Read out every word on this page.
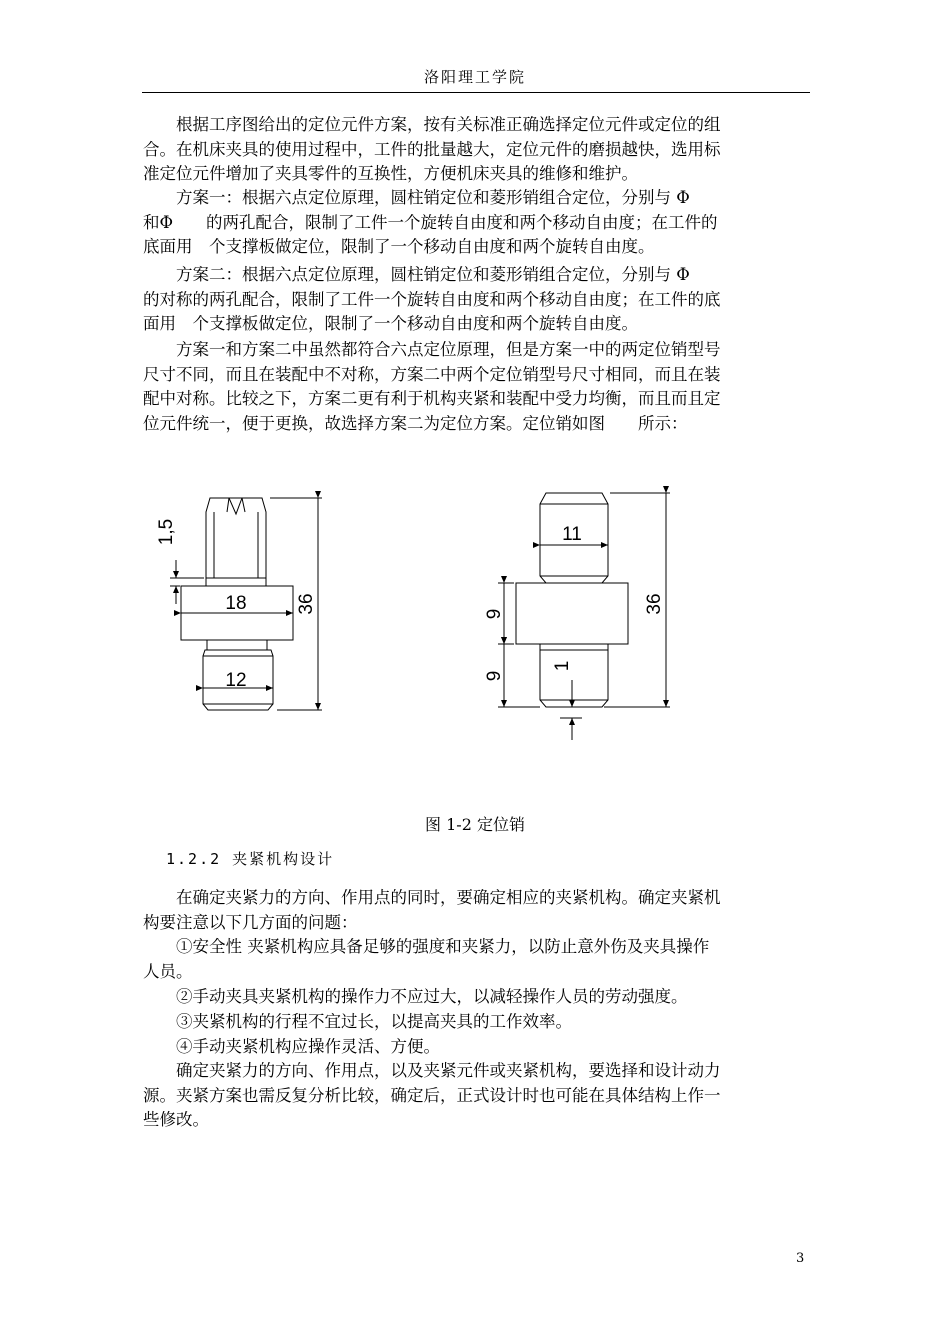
洛阳理工学院
　　根据工序图给出的定位元件方案，按有关标准正确选择定位元件或定位的组
合。在机床夹具的使用过程中，工件的批量越大，定位元件的磨损越快，选用标
准定位元件增加了夹具零件的互换性，方便机床夹具的维修和维护。
　　方案一：根据六点定位原理，圆柱销定位和菱形销组合定位，分别与 Φ
和Φ　　的两孔配合，限制了工件一个旋转自由度和两个移动自由度；在工件的
底面用　个支撑板做定位，限制了一个移动自由度和两个旋转自由度。
　　方案二：根据六点定位原理，圆柱销定位和菱形销组合定位，分别与 Φ
的对称的两孔配合，限制了工件一个旋转自由度和两个移动自由度；在工件的底
面用　个支撑板做定位，限制了一个移动自由度和两个旋转自由度。
　　方案一和方案二中虽然都符合六点定位原理，但是方案一中的两定位销型号
尺寸不同，而且在装配中不对称，方案二中两个定位销型号尺寸相同，而且在装
配中对称。比较之下，方案二更有利于机构夹紧和装配中受力均衡，而且而且定
位元件统一，便于更换，故选择方案二为定位方案。定位销如图　　所示：
18
12
36
1,5	11
36
9
9
1
图 1-2 定位销
1.2.2 夹紧机构设计
　　在确定夹紧力的方向、作用点的同时，要确定相应的夹紧机构。确定夹紧机
构要注意以下几方面的问题：
　　①安全性 夹紧机构应具备足够的强度和夹紧力，以防止意外伤及夹具操作
人员。
　　②手动夹具夹紧机构的操作力不应过大，以减轻操作人员的劳动强度。
　　③夹紧机构的行程不宜过长，以提高夹具的工作效率。
　　④手动夹紧机构应操作灵活、方便。
　　确定夹紧力的方向、作用点，以及夹紧元件或夹紧机构，要选择和设计动力
源。夹紧方案也需反复分析比较，确定后，正式设计时也可能在具体结构上作一
些修改。
3
